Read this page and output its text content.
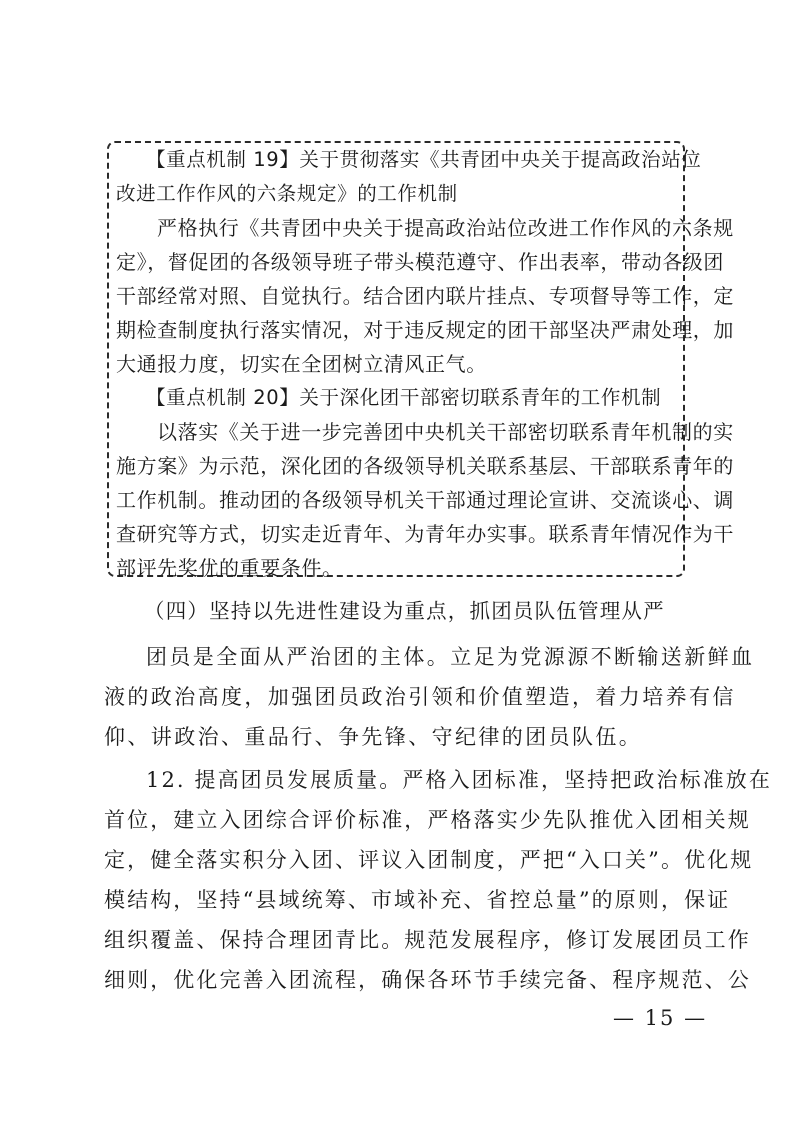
【重点机制 19】关于贯彻落实《共青团中央关于提高政治站位
改进工作作风的六条规定》的工作机制
严格执行《共青团中央关于提高政治站位改进工作作风的六条规
定》，督促团的各级领导班子带头模范遵守、作出表率，带动各级团
干部经常对照、自觉执行。结合团内联片挂点、专项督导等工作，定
期检查制度执行落实情况，对于违反规定的团干部坚决严肃处理，加
大通报力度，切实在全团树立清风正气。
【重点机制 20】关于深化团干部密切联系青年的工作机制
以落实《关于进一步完善团中央机关干部密切联系青年机制的实
施方案》为示范，深化团的各级领导机关联系基层、干部联系青年的
工作机制。推动团的各级领导机关干部通过理论宣讲、交流谈心、调
查研究等方式，切实走近青年、为青年办实事。联系青年情况作为干
部评先奖优的重要条件。
（四）坚持以先进性建设为重点，抓团员队伍管理从严
团员是全面从严治团的主体。立足为党源源不断输送新鲜血
液的政治高度，加强团员政治引领和价值塑造，着力培养有信
仰、讲政治、重品行、争先锋、守纪律的团员队伍。
12. 提高团员发展质量。严格入团标准，坚持把政治标准放在
首位，建立入团综合评价标准，严格落实少先队推优入团相关规
定，健全落实积分入团、评议入团制度，严把“入口关”。优化规
模结构，坚持“县域统筹、市域补充、省控总量”的原则，保证
组织覆盖、保持合理团青比。规范发展程序，修订发展团员工作
细则，优化完善入团流程，确保各环节手续完备、程序规范、公
— 15 —
